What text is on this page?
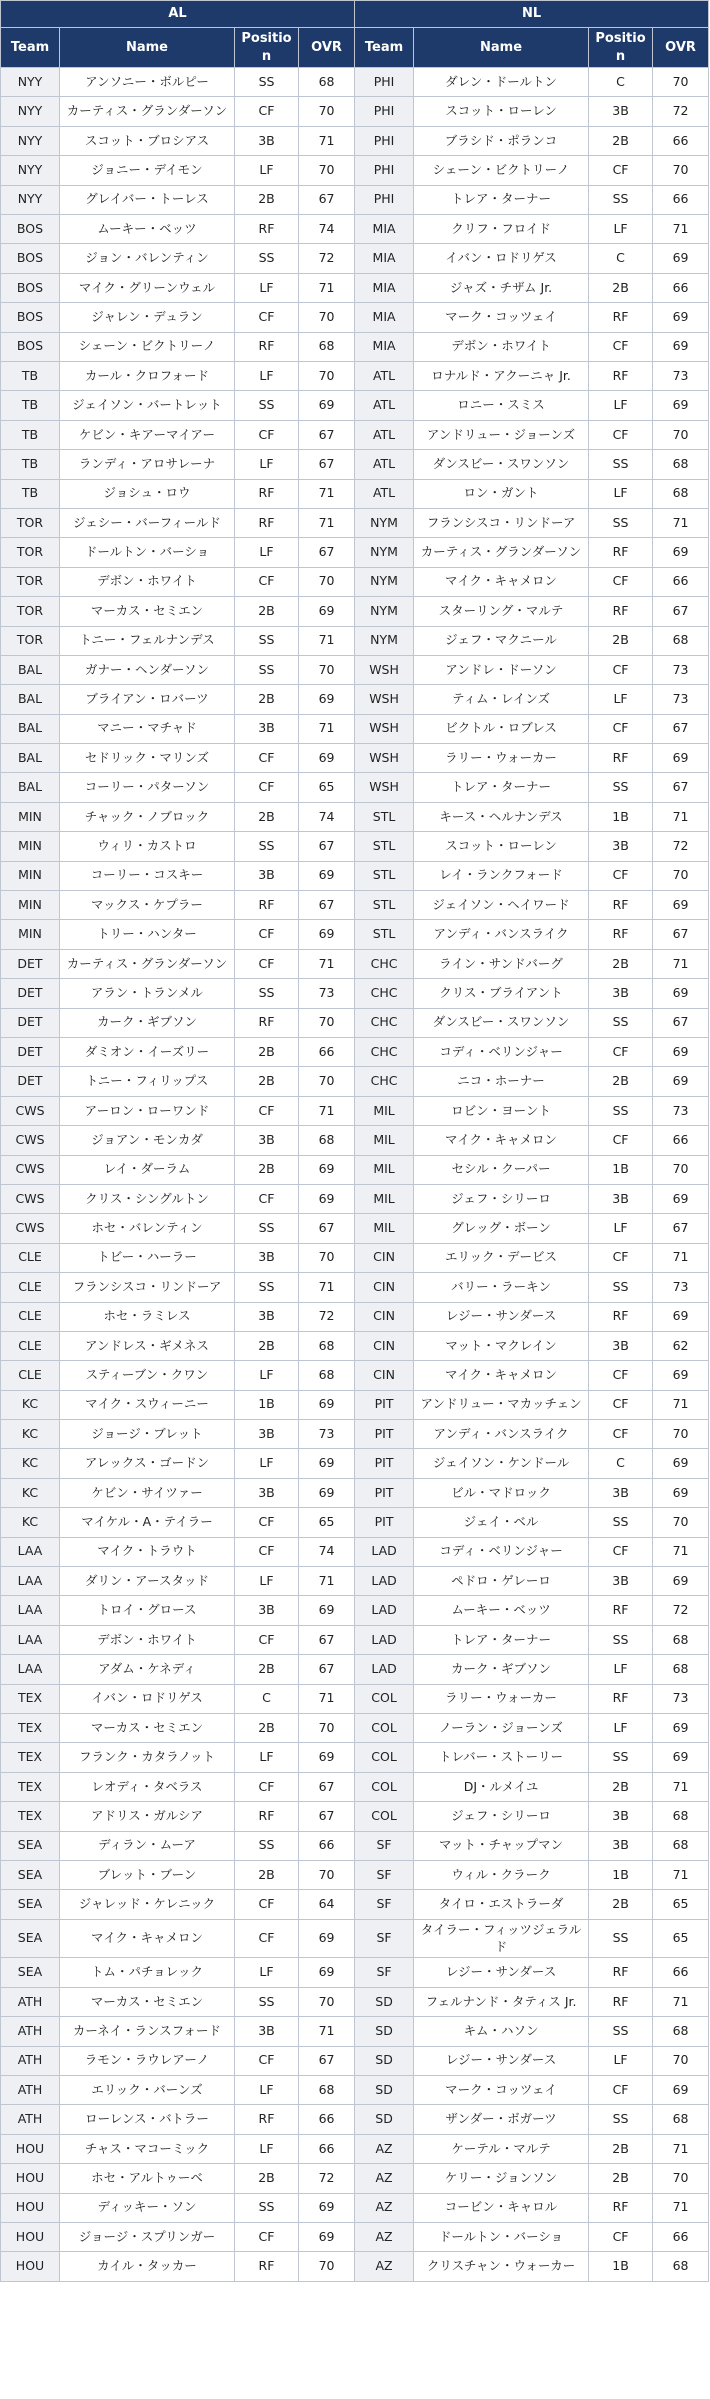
AL				NL			
Team	Name	Position	OVR	Team	Name	Position	OVR
NYY	アンソニー・ボルピー	SS	68	PHI	ダレン・ドールトン	C	70
NYY	カーティス・グランダーソン	CF	70	PHI	スコット・ローレン	3B	72
NYY	スコット・ブロシアス	3B	71	PHI	ブラシド・ポランコ	2B	66
NYY	ジョニー・デイモン	LF	70	PHI	シェーン・ビクトリーノ	CF	70
NYY	グレイバー・トーレス	2B	67	PHI	トレア・ターナー	SS	66
BOS	ムーキー・ベッツ	RF	74	MIA	クリフ・フロイド	LF	71
BOS	ジョン・バレンティン	SS	72	MIA	イバン・ロドリゲス	C	69
BOS	マイク・グリーンウェル	LF	71	MIA	ジャズ・チザム Jr.	2B	66
BOS	ジャレン・デュラン	CF	70	MIA	マーク・コッツェイ	RF	69
BOS	シェーン・ビクトリーノ	RF	68	MIA	デボン・ホワイト	CF	69
TB	カール・クロフォード	LF	70	ATL	ロナルド・アクーニャ Jr.	RF	73
TB	ジェイソン・バートレット	SS	69	ATL	ロニー・スミス	LF	69
TB	ケビン・キアーマイアー	CF	67	ATL	アンドリュー・ジョーンズ	CF	70
TB	ランディ・アロサレーナ	LF	67	ATL	ダンスビー・スワンソン	SS	68
TB	ジョシュ・ロウ	RF	71	ATL	ロン・ガント	LF	68
TOR	ジェシー・バーフィールド	RF	71	NYM	フランシスコ・リンドーア	SS	71
TOR	ドールトン・バーショ	LF	67	NYM	カーティス・グランダーソン	RF	69
TOR	デボン・ホワイト	CF	70	NYM	マイク・キャメロン	CF	66
TOR	マーカス・セミエン	2B	69	NYM	スターリング・マルテ	RF	67
TOR	トニー・フェルナンデス	SS	71	NYM	ジェフ・マクニール	2B	68
BAL	ガナー・ヘンダーソン	SS	70	WSH	アンドレ・ドーソン	CF	73
BAL	ブライアン・ロバーツ	2B	69	WSH	ティム・レインズ	LF	73
BAL	マニー・マチャド	3B	71	WSH	ビクトル・ロブレス	CF	67
BAL	セドリック・マリンズ	CF	69	WSH	ラリー・ウォーカー	RF	69
BAL	コーリー・パターソン	CF	65	WSH	トレア・ターナー	SS	67
MIN	チャック・ノブロック	2B	74	STL	キース・ヘルナンデス	1B	71
MIN	ウィリ・カストロ	SS	67	STL	スコット・ローレン	3B	72
MIN	コーリー・コスキー	3B	69	STL	レイ・ランクフォード	CF	70
MIN	マックス・ケプラー	RF	67	STL	ジェイソン・ヘイワード	RF	69
MIN	トリー・ハンター	CF	69	STL	アンディ・バンスライク	RF	67
DET	カーティス・グランダーソン	CF	71	CHC	ライン・サンドバーグ	2B	71
DET	アラン・トランメル	SS	73	CHC	クリス・ブライアント	3B	69
DET	カーク・ギブソン	RF	70	CHC	ダンスビー・スワンソン	SS	67
DET	ダミオン・イーズリー	2B	66	CHC	コディ・ベリンジャー	CF	69
DET	トニー・フィリップス	2B	70	CHC	ニコ・ホーナー	2B	69
CWS	アーロン・ローワンド	CF	71	MIL	ロビン・ヨーント	SS	73
CWS	ジョアン・モンカダ	3B	68	MIL	マイク・キャメロン	CF	66
CWS	レイ・ダーラム	2B	69	MIL	セシル・クーパー	1B	70
CWS	クリス・シングルトン	CF	69	MIL	ジェフ・シリーロ	3B	69
CWS	ホセ・バレンティン	SS	67	MIL	グレッグ・ボーン	LF	67
CLE	トビー・ハーラー	3B	70	CIN	エリック・デービス	CF	71
CLE	フランシスコ・リンドーア	SS	71	CIN	バリー・ラーキン	SS	73
CLE	ホセ・ラミレス	3B	72	CIN	レジー・サンダース	RF	69
CLE	アンドレス・ギメネス	2B	68	CIN	マット・マクレイン	3B	62
CLE	スティーブン・クワン	LF	68	CIN	マイク・キャメロン	CF	69
KC	マイク・スウィーニー	1B	69	PIT	アンドリュー・マカッチェン	CF	71
KC	ジョージ・ブレット	3B	73	PIT	アンディ・バンスライク	CF	70
KC	アレックス・ゴードン	LF	69	PIT	ジェイソン・ケンドール	C	69
KC	ケビン・サイツァー	3B	69	PIT	ビル・マドロック	3B	69
KC	マイケル・A・テイラー	CF	65	PIT	ジェイ・ベル	SS	70
LAA	マイク・トラウト	CF	74	LAD	コディ・ベリンジャー	CF	71
LAA	ダリン・アースタッド	LF	71	LAD	ペドロ・ゲレーロ	3B	69
LAA	トロイ・グロース	3B	69	LAD	ムーキー・ベッツ	RF	72
LAA	デボン・ホワイト	CF	67	LAD	トレア・ターナー	SS	68
LAA	アダム・ケネディ	2B	67	LAD	カーク・ギブソン	LF	68
TEX	イバン・ロドリゲス	C	71	COL	ラリー・ウォーカー	RF	73
TEX	マーカス・セミエン	2B	70	COL	ノーラン・ジョーンズ	LF	69
TEX	フランク・カタラノット	LF	69	COL	トレバー・ストーリー	SS	69
TEX	レオディ・タベラス	CF	67	COL	DJ・ルメイユ	2B	71
TEX	アドリス・ガルシア	RF	67	COL	ジェフ・シリーロ	3B	68
SEA	ディラン・ムーア	SS	66	SF	マット・チャップマン	3B	68
SEA	ブレット・ブーン	2B	70	SF	ウィル・クラーク	1B	71
SEA	ジャレッド・ケレニック	CF	64	SF	タイロ・エストラーダ	2B	65
SEA	マイク・キャメロン	CF	69	SF	タイラー・フィッツジェラルド	SS	65
SEA	トム・パチョレック	LF	69	SF	レジー・サンダース	RF	66
ATH	マーカス・セミエン	SS	70	SD	フェルナンド・タティス Jr.	RF	71
ATH	カーネイ・ランスフォード	3B	71	SD	キム・ハソン	SS	68
ATH	ラモン・ラウレアーノ	CF	67	SD	レジー・サンダース	LF	70
ATH	エリック・バーンズ	LF	68	SD	マーク・コッツェイ	CF	69
ATH	ローレンス・バトラー	RF	66	SD	ザンダー・ボガーツ	SS	68
HOU	チャス・マコーミック	LF	66	AZ	ケーテル・マルテ	2B	71
HOU	ホセ・アルトゥーベ	2B	72	AZ	ケリー・ジョンソン	2B	70
HOU	ディッキー・ソン	SS	69	AZ	コービン・キャロル	RF	71
HOU	ジョージ・スプリンガー	CF	69	AZ	ドールトン・バーショ	CF	66
HOU	カイル・タッカー	RF	70	AZ	クリスチャン・ウォーカー	1B	68
